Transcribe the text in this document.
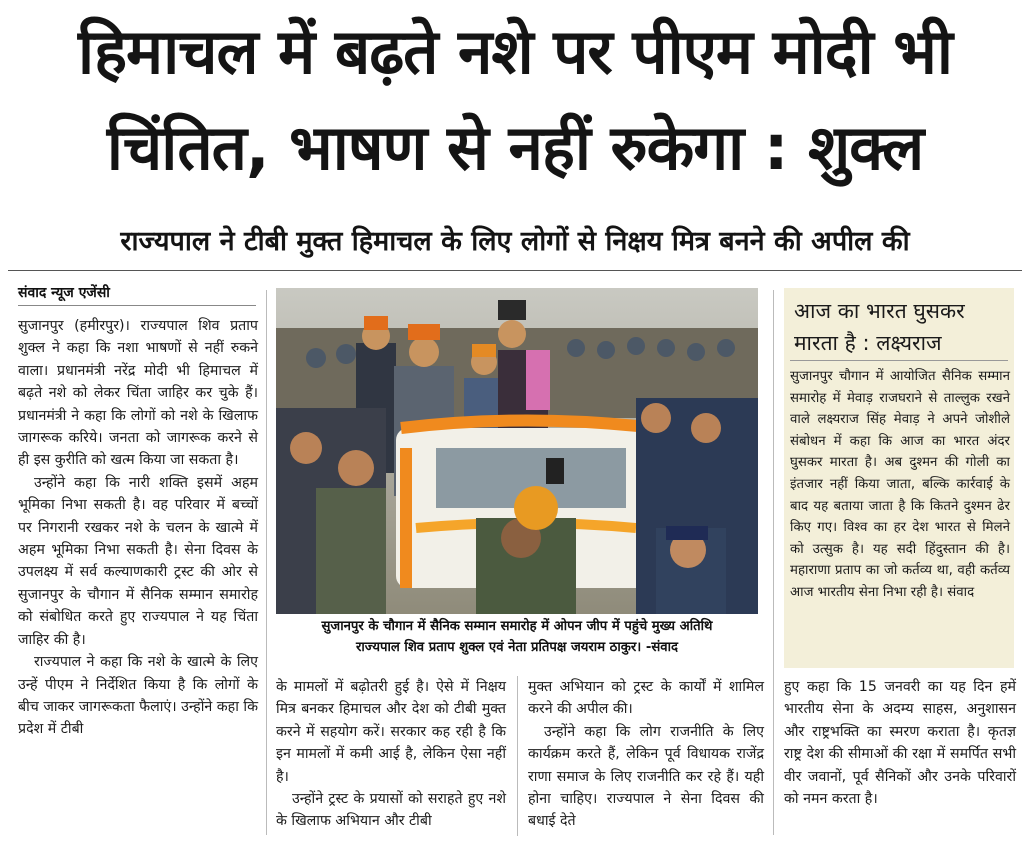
हिमाचल में बढ़ते नशे पर पीएम मोदी भी
चिंतित, भाषण से नहीं रुकेगा : शुक्ल
राज्यपाल ने टीबी मुक्त हिमाचल के लिए लोगों से निक्षय मित्र बनने की अपील की
संवाद न्यूज एजेंसी

सुजानपुर (हमीरपुर)। राज्यपाल शिव प्रताप शुक्ल ने कहा कि नशा भाषणों से नहीं रुकने वाला। प्रधानमंत्री नरेंद्र मोदी भी हिमाचल में बढ़ते नशे को लेकर चिंता जाहिर कर चुके हैं। प्रधानमंत्री ने कहा कि लोगों को नशे के खिलाफ जागरूक करिये। जनता को जागरूक करने से ही इस कुरीति को खत्म किया जा सकता है।

उन्होंने कहा कि नारी शक्ति इसमें अहम भूमिका निभा सकती है। वह परिवार में बच्चों पर निगरानी रखकर नशे के चलन के खात्मे में अहम भूमिका निभा सकती है। सेना दिवस के उपलक्ष्य में सर्व कल्याणकारी ट्रस्ट की ओर से सुजानपुर के चौगान में सैनिक सम्मान समारोह को संबोधित करते हुए राज्यपाल ने यह चिंता जाहिर की है।

राज्यपाल ने कहा कि नशे के खात्मे के लिए उन्हें पीएम ने निर्देशित किया है कि लोगों के बीच जाकर जागरूकता फैलाएं। उन्होंने कहा कि प्रदेश में टीबी

सुजानपुर के चौगान में सैनिक सम्मान समारोह में ओपन जीप में पहुंचे मुख्य अतिथि
राज्यपाल शिव प्रताप शुक्ल एवं नेता प्रतिपक्ष जयराम ठाकुर। -संवाद

के मामलों में बढ़ोतरी हुई है। ऐसे में निक्षय मित्र बनकर हिमाचल और देश को टीबी मुक्त करने में सहयोग करें। सरकार कह रही है कि इन मामलों में कमी आई है, लेकिन ऐसा नहीं है।

उन्होंने ट्रस्ट के प्रयासों को सराहते हुए नशे के खिलाफ अभियान और टीबी

मुक्त अभियान को ट्रस्ट के कार्यों में शामिल करने की अपील की।

उन्होंने कहा कि लोग राजनीति के लिए कार्यक्रम करते हैं, लेकिन पूर्व विधायक राजेंद्र राणा समाज के लिए राजनीति कर रहे हैं। यही होना चाहिए। राज्यपाल ने सेना दिवस की बधाई देते

हुए कहा कि 15 जनवरी का यह दिन हमें भारतीय सेना के अदम्य साहस, अनुशासन और राष्ट्रभक्ति का स्मरण कराता है। कृतज्ञ राष्ट्र देश की सीमाओं की रक्षा में समर्पित सभी वीर जवानों, पूर्व सैनिकों और उनके परिवारों को नमन करता है।

आज का भारत घुसकर मारता है : लक्ष्यराज
सुजानपुर चौगान में आयोजित सैनिक सम्मान समारोह में मेवाड़ राजघराने से ताल्लुक रखने वाले लक्ष्यराज सिंह मेवाड़ ने अपने जोशीले संबोधन में कहा कि आज का भारत अंदर घुसकर मारता है। अब दुश्मन की गोली का इंतजार नहीं किया जाता, बल्कि कार्रवाई के बाद यह बताया जाता है कि कितने दुश्मन ढेर किए गए। विश्व का हर देश भारत से मिलने को उत्सुक है। यह सदी हिंदुस्तान की है। महाराणा प्रताप का जो कर्तव्य था, वही कर्तव्य आज भारतीय सेना निभा रही है। संवाद
